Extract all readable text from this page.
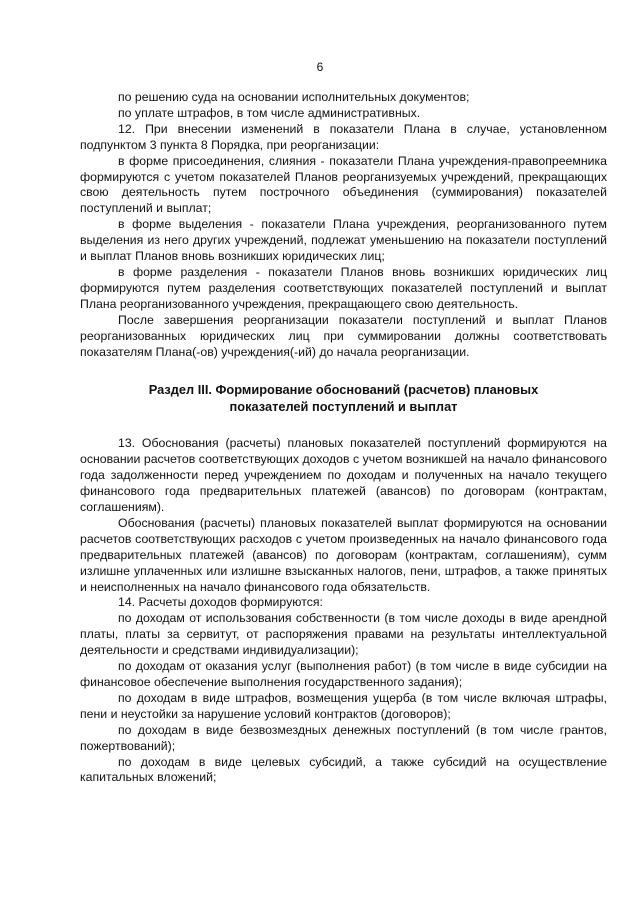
6

по решению суда на основании исполнительных документов;

по уплате штрафов, в том числе административных.

12. При внесении изменений в показатели Плана в случае, установленном подпунктом 3 пункта 8 Порядка, при реорганизации:

в форме присоединения, слияния - показатели Плана учреждения-правопреемника формируются с учетом показателей Планов реорганизуемых учреждений, прекращающих свою деятельность путем построчного объединения (суммирования) показателей поступлений и выплат;

в форме выделения - показатели Плана учреждения, реорганизованного путем выделения из него других учреждений, подлежат уменьшению на показатели поступлений и выплат Планов вновь возникших юридических лиц;

в форме разделения - показатели Планов вновь возникших юридических лиц формируются путем разделения соответствующих показателей поступлений и выплат Плана реорганизованного учреждения, прекращающего свою деятельность.

После завершения реорганизации показатели поступлений и выплат Планов реорганизованных юридических лиц при суммировании должны соответствовать показателям Плана(-ов) учреждения(-ий) до начала реорганизации.

Раздел III. Формирование обоснований (расчетов) плановых
показателей поступлений и выплат

13. Обоснования (расчеты) плановых показателей поступлений формируются на основании расчетов соответствующих доходов с учетом возникшей на начало финансового года задолженности перед учреждением по доходам и полученных на начало текущего финансового года предварительных платежей (авансов) по договорам (контрактам, соглашениям).

Обоснования (расчеты) плановых показателей выплат формируются на основании расчетов соответствующих расходов с учетом произведенных на начало финансового года предварительных платежей (авансов) по договорам (контрактам, соглашениям), сумм излишне уплаченных или излишне взысканных налогов, пени, штрафов, а также принятых и неисполненных на начало финансового года обязательств.

14. Расчеты доходов формируются:

по доходам от использования собственности (в том числе доходы в виде арендной платы, платы за сервитут, от распоряжения правами на результаты интеллектуальной деятельности и средствами индивидуализации);

по доходам от оказания услуг (выполнения работ) (в том числе в виде субсидии на финансовое обеспечение выполнения государственного задания);

по доходам в виде штрафов, возмещения ущерба (в том числе включая штрафы, пени и неустойки за нарушение условий контрактов (договоров);

по доходам в виде безвозмездных денежных поступлений (в том числе грантов, пожертвований);

по доходам в виде целевых субсидий, а также субсидий на осуществление капитальных вложений;
